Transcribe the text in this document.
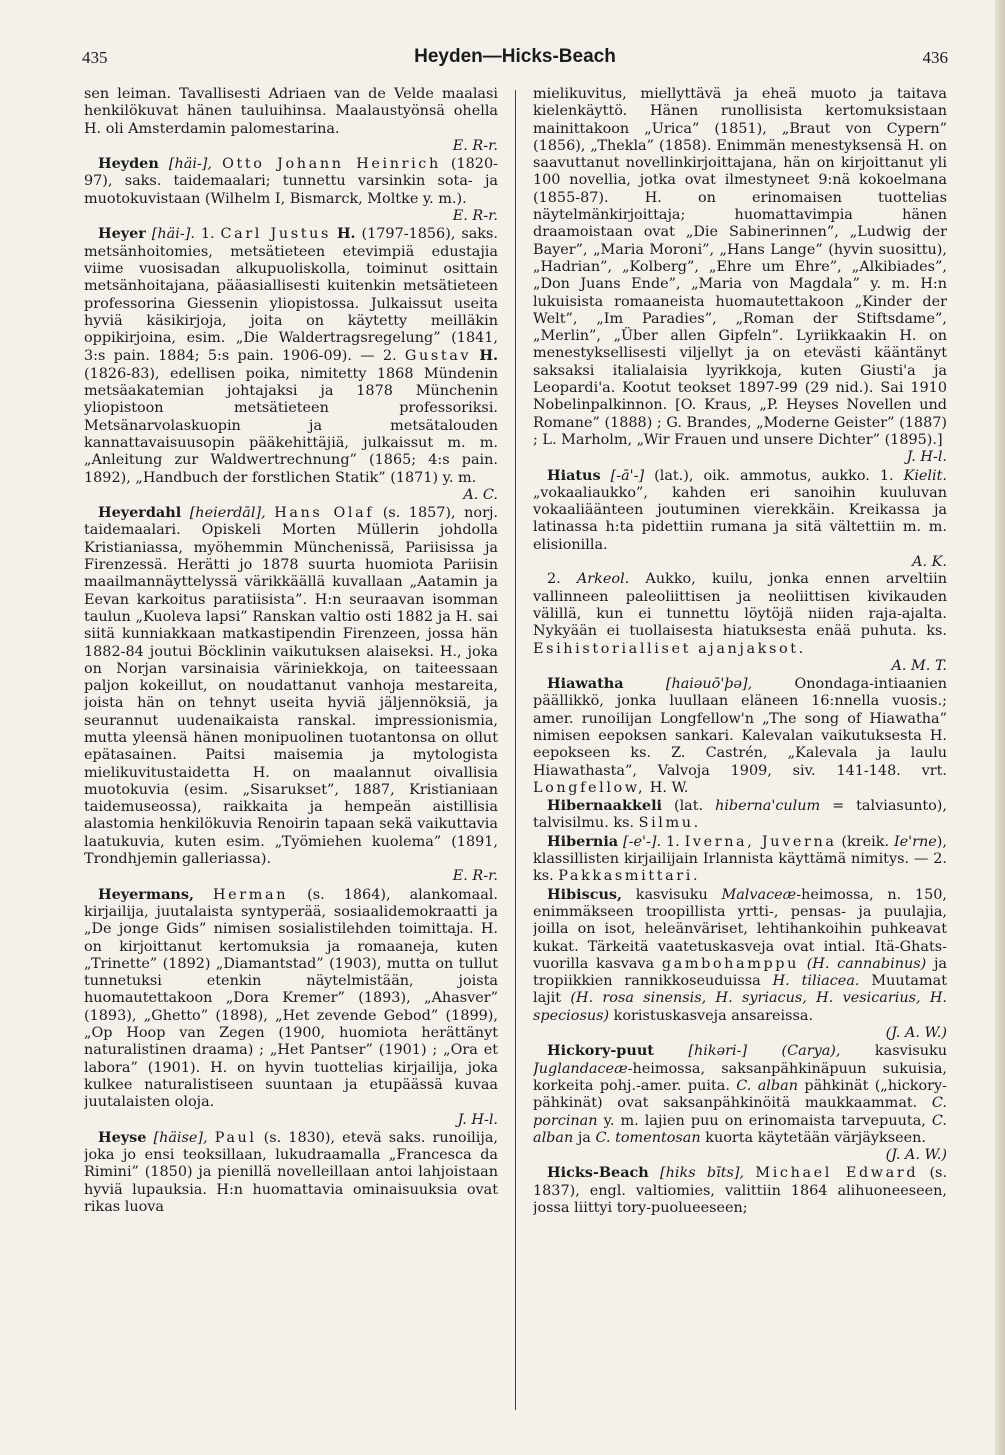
435	Heyden—Hicks-Beach	436

sen leiman. Tavallisesti Adriaen van de Velde maalasi henkilökuvat hänen tauluihinsa. Maalaustyönsä ohella H. oli Amsterdamin palomestarina.
E. R-r.

Heyden [häi-], Otto Johann Heinrich (1820-97), saks. taidemaalari; tunnettu varsinkin sota- ja muotokuvistaan (Wilhelm I, Bismarck, Moltke y. m.).
E. R-r.

Heyer [häi-]. 1. Carl Justus H. (1797-1856), saks. metsänhoitomies, metsätieteen etevimpiä edustajia viime vuosisadan alkupuoliskolla, toiminut osittain metsänhoitajana, pääasiallisesti kuitenkin metsätieteen professorina Giessenin yliopistossa. Julkaissut useita hyviä käsikirjoja, joita on käytetty meilläkin oppikirjoina, esim. „Die Waldertragsregelung” (1841, 3:s pain. 1884; 5:s pain. 1906-09). — 2. Gustav H. (1826-83), edellisen poika, nimitetty 1868 Mündenin metsäakatemian johtajaksi ja 1878 Münchenin yliopistoon metsätieteen professoriksi. Metsänarvolaskuopin ja metsätalouden kannattavaisuusopin pääkehittäjiä, julkaissut m. m. „Anleitung zur Waldwertrechnung” (1865; 4:s pain. 1892), „Handbuch der forstlichen Statik” (1871) y. m.
A. C.

Heyerdahl [heierdāl], Hans Olaf (s. 1857), norj. taidemaalari. Opiskeli Morten Müllerin johdolla Kristianiassa, myöhemmin Münchenissä, Pariisissa ja Firenzessä. Herätti jo 1878 suurta huomiota Pariisin maailmannäyttelyssä värikkäällä kuvallaan „Aatamin ja Eevan karkoitus paratiisista”. H:n seuraavan isomman taulun „Kuoleva lapsi” Ranskan valtio osti 1882 ja H. sai siitä kunniakkaan matkastipendin Firenzeen, jossa hän 1882-84 joutui Böcklinin vaikutuksen alaiseksi. H., joka on Norjan varsinaisia väriniekkoja, on taiteessaan paljon kokeillut, on noudattanut vanhoja mestareita, joista hän on tehnyt useita hyviä jäljennöksiä, ja seurannut uudenaikaista ranskal. impressionismia, mutta yleensä hänen monipuolinen tuotantonsa on ollut epätasainen. Paitsi maisemia ja mytologista mielikuvitustaidetta H. on maalannut oivallisia muotokuvia (esim. „Sisarukset”, 1887, Kristianiaan taidemuseossa), raikkaita ja hempeän aistillisia alastomia henkilökuvia Renoirin tapaan sekä vaikuttavia laatukuvia, kuten esim. „Työmiehen kuolema” (1891, Trondhjemin galleriassa).
E. R-r.

Heyermans, Herman (s. 1864), alankomaal. kirjailija, juutalaista syntyperää, sosiaalidemokraatti ja „De jonge Gids” nimisen sosialistilehden toimittaja. H. on kirjoittanut kertomuksia ja romaaneja, kuten „Trinette” (1892) „Diamantstad” (1903), mutta on tullut tunnetuksi etenkin näytelmistään, joista huomautettakoon „Dora Kremer” (1893), „Ahasver” (1893), „Ghetto” (1898), „Het zevende Gebod” (1899), „Op Hoop van Zegen (1900, huomiota herättänyt naturalistinen draama) ; „Het Pantser” (1901) ; „Ora et labora” (1901). H. on hyvin tuottelias kirjailija, joka kulkee naturalistiseen suuntaan ja etupäässä kuvaa juutalaisten oloja.
J. H-l.

Heyse [häise], Paul (s. 1830), etevä saks. runoilija, joka jo ensi teoksillaan, lukudraamalla „Francesca da Rimini” (1850) ja pienillä novelleillaan antoi lahjoistaan hyviä lupauksia. H:n huomattavia ominaisuuksia ovat rikas luova

mielikuvitus, miellyttävä ja eheä muoto ja taitava kielenkäyttö. Hänen runollisista kertomuksistaan mainittakoon „Urica” (1851), „Braut von Cypern” (1856), „Thekla” (1858). Enimmän menestyksensä H. on saavuttanut novellinkirjoittajana, hän on kirjoittanut yli 100 novellia, jotka ovat ilmestyneet 9:nä kokoelmana (1855-87). H. on erinomaisen tuottelias näytelmänkirjoittaja; huomattavimpia hänen draamoistaan ovat „Die Sabinerinnen”, „Ludwig der Bayer”, „Maria Moroni”, „Hans Lange” (hyvin suosittu), „Hadrian”, „Kolberg”, „Ehre um Ehre”, „Alkibiades”, „Don Juans Ende”, „Maria von Magdala” y. m. H:n lukuisista romaaneista huomautettakoon „Kinder der Welt”, „Im Paradies”, „Roman der Stiftsdame”, „Merlin”, „Über allen Gipfeln”. Lyriikkaakin H. on menestyksellisesti viljellyt ja on etevästi kääntänyt saksaksi italialaisia lyyrikkoja, kuten Giusti'a ja Leopardi'a. Kootut teokset 1897-99 (29 nid.). Sai 1910 Nobelinpalkinnon. [O. Kraus, „P. Heyses Novellen und Romane” (1888) ; G. Brandes, „Moderne Geister” (1887) ; L. Marholm, „Wir Frauen und unsere Dichter” (1895).]
J. H-l.

Hiatus [-ā'-] (lat.), oik. ammotus, aukko. 1. Kielit. „vokaaliaukko”, kahden eri sanoihin kuuluvan vokaaliäänteen joutuminen vierekkäin. Kreikassa ja latinassa h:ta pidettiin rumana ja sitä vältettiin m. m. elisionilla.
A. K.

2. Arkeol. Aukko, kuilu, jonka ennen arveltiin vallinneen paleoliittisen ja neoliittisen kivikauden välillä, kun ei tunnettu löytöjä niiden raja-ajalta. Nykyään ei tuollaisesta hiatuksesta enää puhuta. ks. Esihistorialliset ajanjaksot.
A. M. T.

Hiawatha	[haiəuō'þə], Onondaga-intiaanien päällikkö, jonka luullaan eläneen 16:nnella vuosis.; amer. runoilijan Longfellow'n „The song of Hiawatha” nimisen eepoksen sankari. Kalevalan vaikutuksesta H. eepokseen ks. Z. Castrén, „Kalevala ja laulu Hiawathasta”, Valvoja 1909, siv. 141-148. vrt. Longfellow, H. W.

Hibernaakkeli (lat. hiberna'culum = talviasunto), talvisilmu. ks. Silmu.

Hibernia [-e'-]. 1. Iverna, Juverna (kreik. Ie'rne), klassillisten kirjailijain Irlannista käyttämä nimitys. — 2. ks. Pakkasmittari.

Hibiscus, kasvisuku Malvaceæ-heimossa, n. 150, enimmäkseen troopillista yrtti-, pensas- ja puulajia, joilla on isot, heleänväriset, lehtihankoihin puhkeavat kukat. Tärkeitä vaatetuskasveja ovat intial. Itä-Ghats-vuorilla kasvava gambohamppu (H. cannabinus) ja tropiikkien rannikkoseuduissa H. tiliacea. Muutamat lajit (H. rosa sinensis, H. syriacus, H. vesicarius, H. speciosus) koristuskasveja ansareissa.
(J. A. W.)

Hickory-puut [hikəri-] (Carya), kasvisuku Juglandaceæ-heimossa, saksanpähkinäpuun sukuisia, korkeita pohj.-amer. puita. C. alban pähkinät („hickory-pähkinät) ovat saksanpähkinöitä maukkaammat. C. porcinan y. m. lajien puu on erinomaista tarvepuuta, C. alban ja C. tomentosan kuorta käytetään värjäykseen.
(J. A. W.)

Hicks-Beach [hiks bīts], Michael Edward (s. 1837), engl. valtiomies, valittiin 1864 alihuoneeseen, jossa liittyi tory-puolueeseen;
